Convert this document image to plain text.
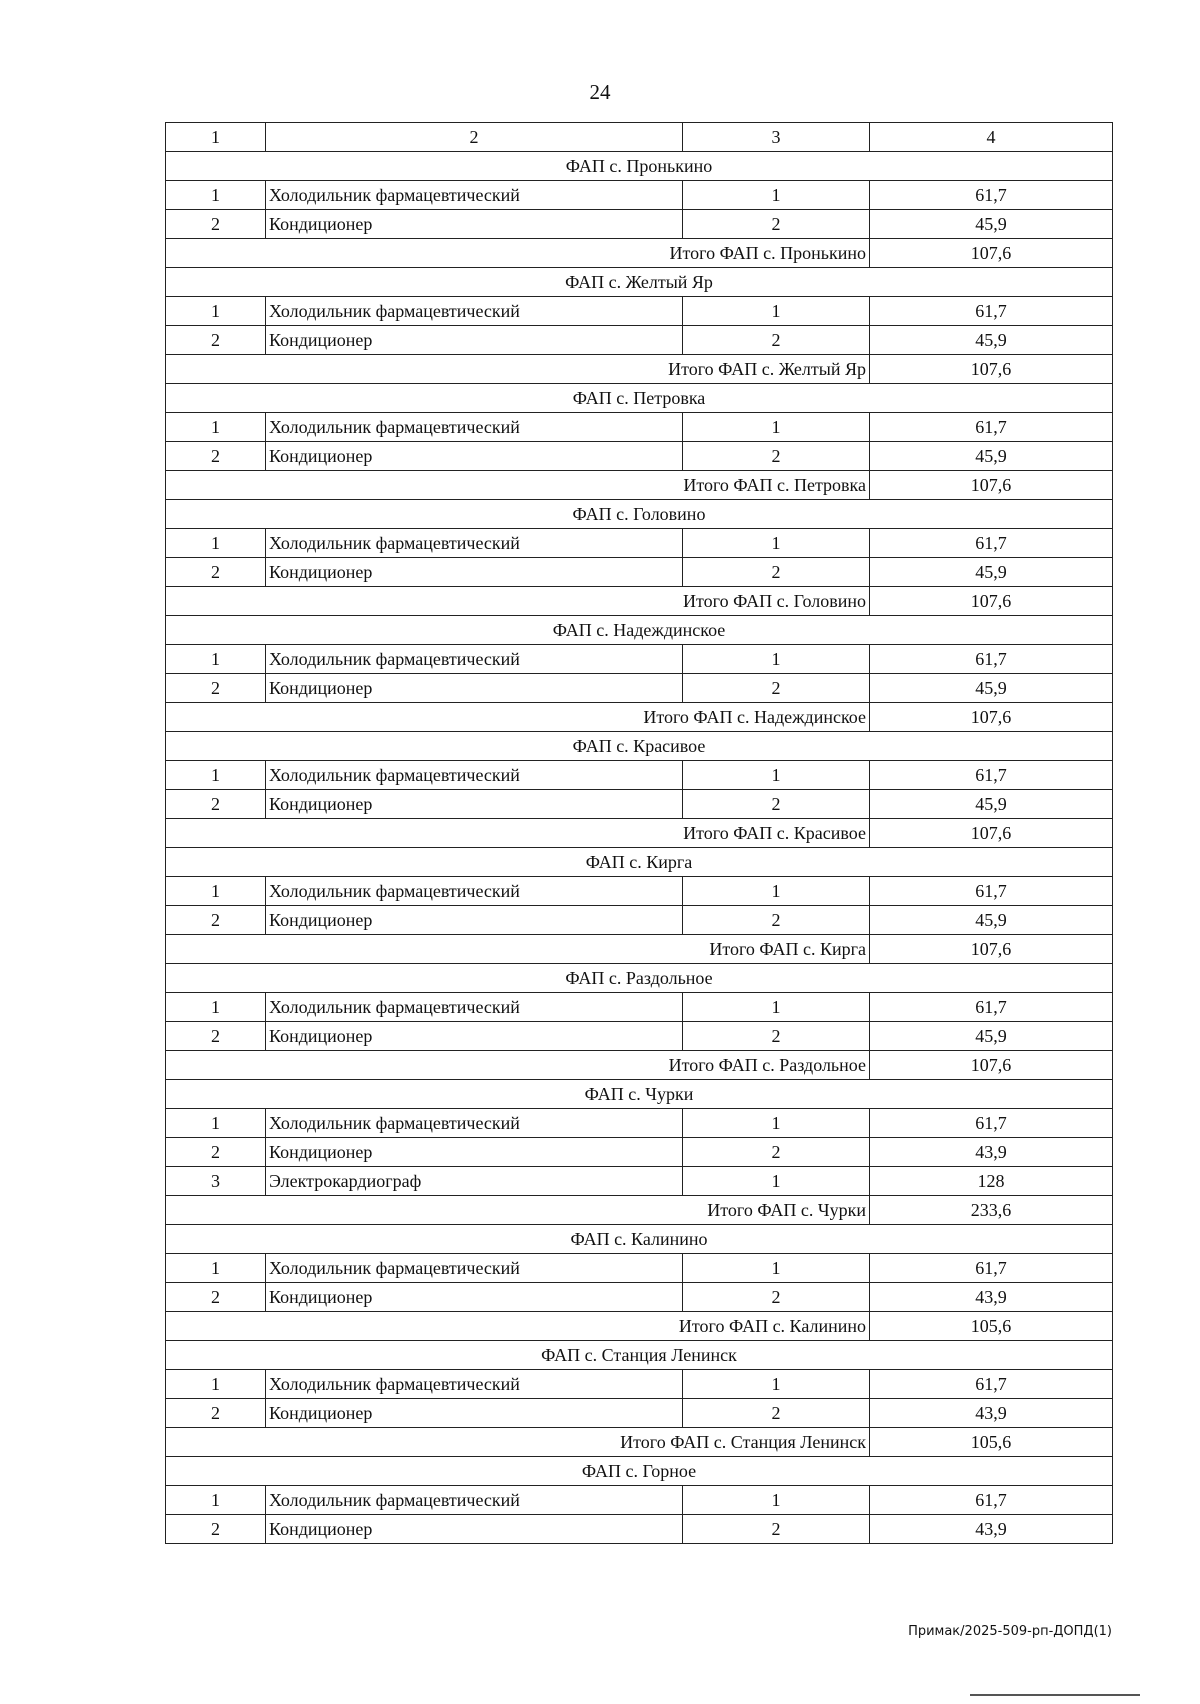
24
1	2	3	4
ФАП с. Пронькино			
1	Холодильник фармацевтический	1	61,7
2	Кондиционер	2	45,9
Итого ФАП с. Пронькино			107,6
ФАП с. Желтый Яр			
1	Холодильник фармацевтический	1	61,7
2	Кондиционер	2	45,9
Итого ФАП с. Желтый Яр			107,6
ФАП с. Петровка			
1	Холодильник фармацевтический	1	61,7
2	Кондиционер	2	45,9
Итого ФАП с. Петровка			107,6
ФАП с. Головино			
1	Холодильник фармацевтический	1	61,7
2	Кондиционер	2	45,9
Итого ФАП с. Головино			107,6
ФАП с. Надеждинское			
1	Холодильник фармацевтический	1	61,7
2	Кондиционер	2	45,9
Итого ФАП с. Надеждинское			107,6
ФАП с. Красивое			
1	Холодильник фармацевтический	1	61,7
2	Кондиционер	2	45,9
Итого ФАП с. Красивое			107,6
ФАП с. Кирга			
1	Холодильник фармацевтический	1	61,7
2	Кондиционер	2	45,9
Итого ФАП с. Кирга			107,6
ФАП с. Раздольное			
1	Холодильник фармацевтический	1	61,7
2	Кондиционер	2	45,9
Итого ФАП с. Раздольное			107,6
ФАП с. Чурки			
1	Холодильник фармацевтический	1	61,7
2	Кондиционер	2	43,9
3	Электрокардиограф	1	128
Итого ФАП с. Чурки			233,6
ФАП с. Калинино			
1	Холодильник фармацевтический	1	61,7
2	Кондиционер	2	43,9
Итого ФАП с. Калинино			105,6
ФАП с. Станция Ленинск			
1	Холодильник фармацевтический	1	61,7
2	Кондиционер	2	43,9
Итого ФАП с. Станция Ленинск			105,6
ФАП с. Горное			
1	Холодильник фармацевтический	1	61,7
2	Кондиционер	2	43,9
Примак/2025-509-рп-ДОПД(1)
